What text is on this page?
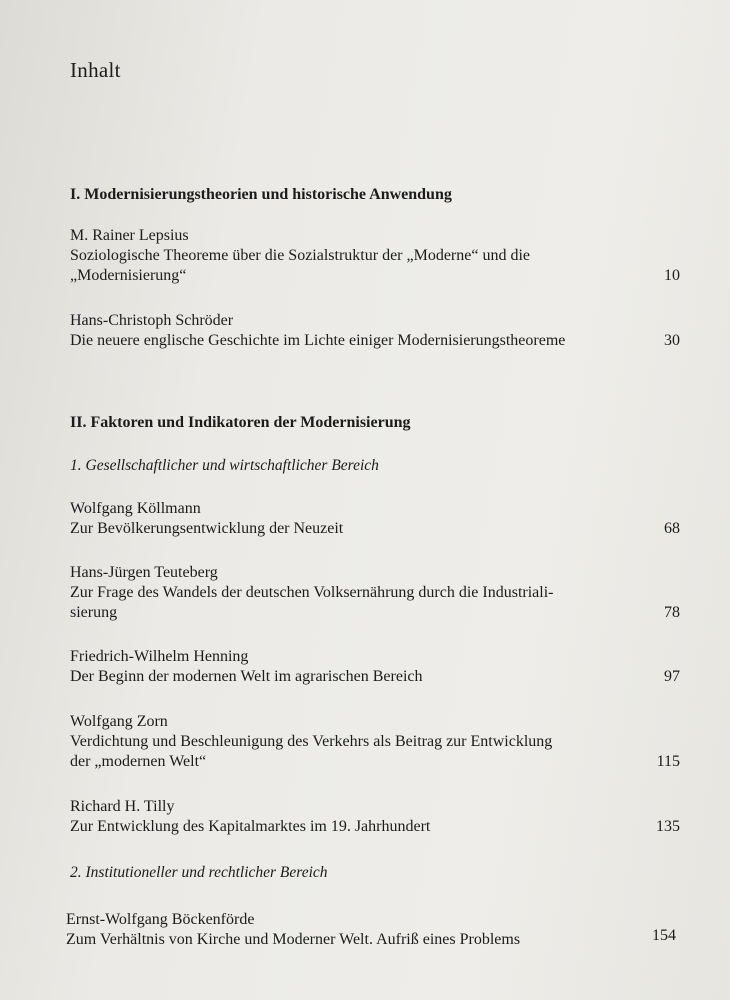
Inhalt
I. Modernisierungstheorien und historische Anwendung
M. Rainer Lepsius
Soziologische Theoreme über die Sozialstruktur der „Moderne“ und die
„Modernisierung“	10
Hans-Christoph Schröder
Die neuere englische Geschichte im Lichte einiger Modernisierungstheoreme	30
II. Faktoren und Indikatoren der Modernisierung
1. Gesellschaftlicher und wirtschaftlicher Bereich
Wolfgang Köllmann
Zur Bevölkerungsentwicklung der Neuzeit	68
Hans-Jürgen Teuteberg
Zur Frage des Wandels der deutschen Volksernährung durch die Industriali-
sierung	78
Friedrich-Wilhelm Henning
Der Beginn der modernen Welt im agrarischen Bereich	97
Wolfgang Zorn
Verdichtung und Beschleunigung des Verkehrs als Beitrag zur Entwicklung
der „modernen Welt“	115
Richard H. Tilly
Zur Entwicklung des Kapitalmarktes im 19. Jahrhundert	135
2. Institutioneller und rechtlicher Bereich
Ernst-Wolfgang Böckenförde
Zum Verhältnis von Kirche und Moderner Welt. Aufriß eines Problems	154
